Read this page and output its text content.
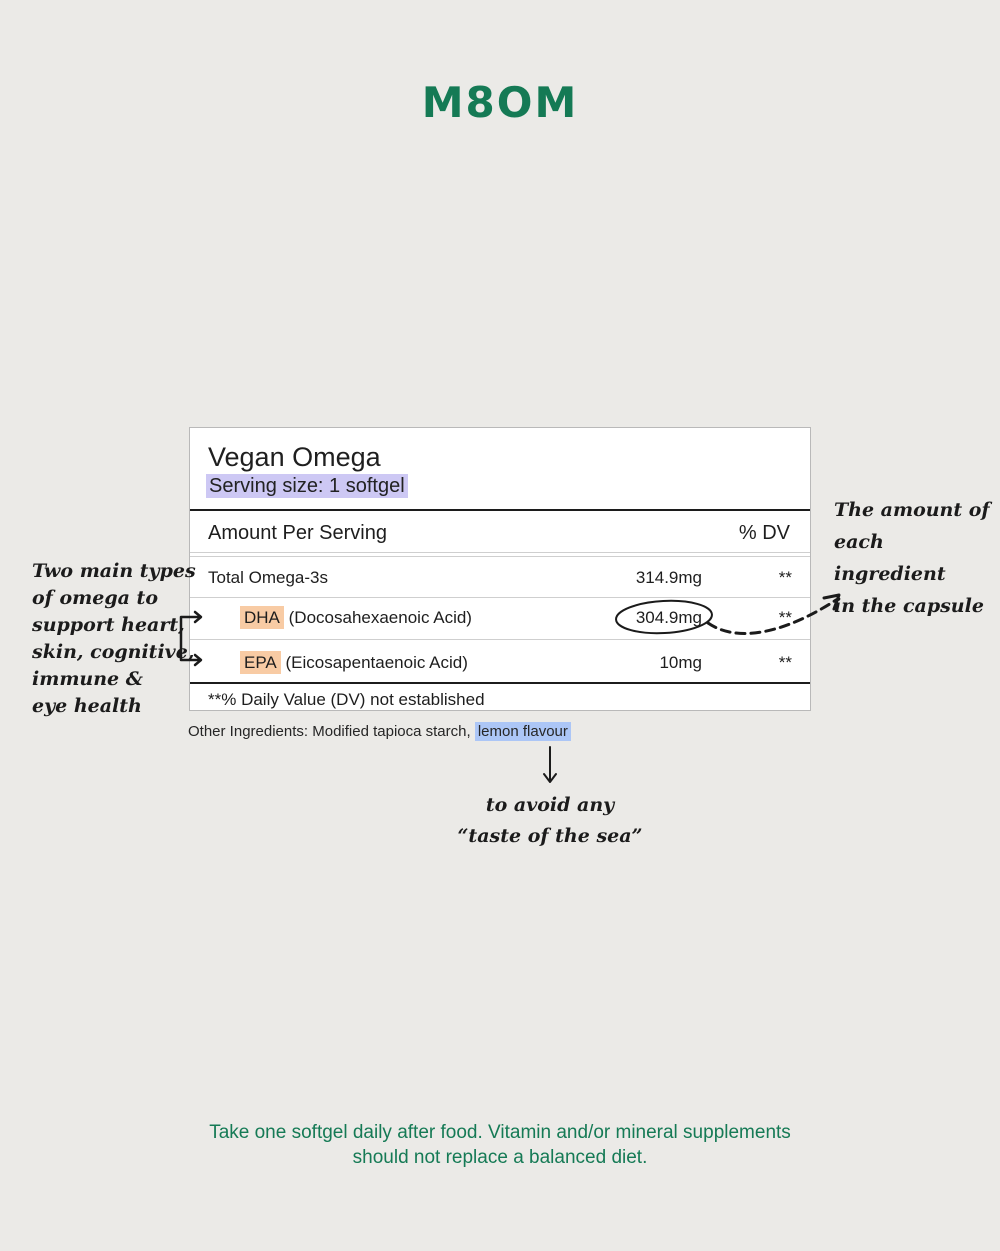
M8OM
Vegan Omega
Serving size: 1 softgel
Amount Per Serving	% DV
Total Omega-3s	314.9mg	**
DHA (Docosahexaenoic Acid)	304.9mg	**
EPA (Eicosapentaenoic Acid)	10mg	**
**% Daily Value (DV) not established
Other Ingredients: Modified tapioca starch, lemon flavour
Two main types
of omega to
support heart,
skin, cognitive,
immune &
eye health
The amount of
each ingredient
in the capsule
to avoid any
“taste of the sea”
Take one softgel daily after food. Vitamin and/or mineral supplements
should not replace a balanced diet.
